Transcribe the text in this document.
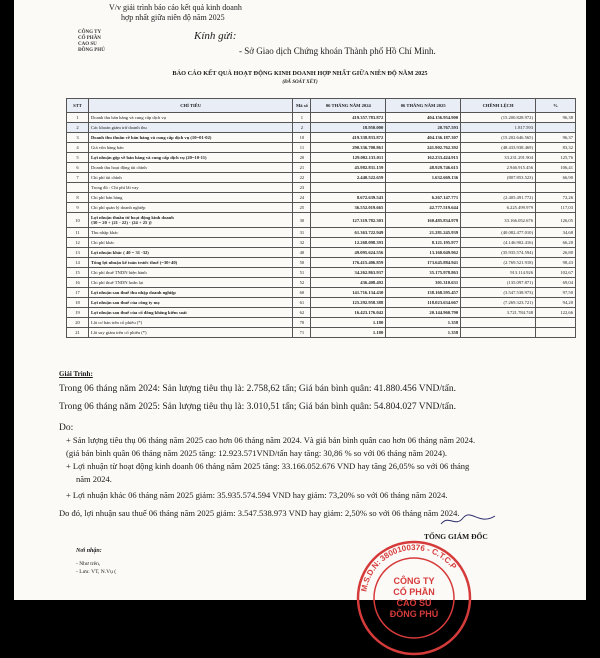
V/v giải trình báo cáo kết quả kinh doanh
hợp nhất giữa niên độ năm 2025
CÔNG TY
CỔ PHẦN
CAO SU
ĐỒNG PHÚ
Kính gửi:
- Sở Giao dịch Chứng khoán Thành phố Hồ Chí Minh.
BÁO CÁO KẾT QUẢ HOẠT ĐỘNG KINH DOANH HỢP NHẤT GIỮA NIÊN ĐỘ NĂM 2025
(ĐÃ SOÁT XÉT)
STT	CHỈ TIÊU	Mã số	06 THÁNG NĂM 2024	06 THÁNG NĂM 2025	CHÊNH LỆCH	%
1	Doanh thu bán hàng và cung cấp dịch vụ	1	419.357.783.872	404.156.954.900	(15.200.828.972)	96,38
2	Các khoản giảm trừ doanh thu	2	18.950.000	20.767.593	1.817.593	
3	Doanh thu thuần về bán hàng và cung cấp dịch vụ (10=01-02)	10	419.338.833.872	404.136.187.307	(15.202.646.565)	96,37
4	Giá vốn hàng bán	11	290.336.700.861	241.902.762.392	(48.433.938.469)	83,32
5	Lợi nhuận gộp về bán hàng và cung cấp dịch vụ (20=10-11)	20	129.002.133.011	162.233.424.915	33.231.291.904	125,76
6	Doanh thu hoạt động tài chính	21	45.982.831.159	48.929.746.615	2.946.915.456	106,41
7	Chi phí tài chính	22	2.440.522.659	1.632.669.136	(807.853.523)	66,90
	Trong đó : Chi phí lãi vay	23				
8	Chi phí bán hàng	24	8.672.639.543	6.267.147.771	(2.405.491.772)	72,26
9	Chi phí quản lý doanh nghiệp	25	36.552.019.665	42.777.519.644	6.225.499.979	117,03
10	Lợi nhuận thuần từ hoạt động kinh doanh
{30 = 20 + (21 - 22) - (24 + 25 )}	30	127.319.782.303	160.485.834.979	33.166.052.676	126,05
11	Thu nhập khác	31	61.363.722.949	21.281.245.939	(40.082.477.010)	34,68
12	Chi phí khác	32	12.268.098.393	8.121.195.977	(4.146.902.416)	66,20
13	Lợi nhuận khác ( 40 = 31 -32)	40	49.095.624.556	13.160.049.962	(35.935.574.594)	26,80
14	Tổng lợi nhuận kế toán trước thuế (=30+40)	50	176.415.406.859	173.645.884.941	(2.769.521.918)	98,43
15	Chi phí thuế TNDN hiện hành	51	34.262.863.937	35.175.978.863	913.114.926	102,67
16	Chi phí thuế TNDN hoãn lại	52	436.408.492	301.310.631	(135.097.871)	69,04
17	Lợi nhuận sau thuế thu nhập doanh nghiệp	60	141.716.134.430	138.168.595.457	(3.547.538.973)	97,50
18	Lợi nhuận sau thuế của công ty mẹ	61	125.292.958.388	118.023.634.667	(7.269.323.721)	94,20
19	Lợi nhuận sau thuế của cổ đông không kiểm soát	62	16.423.176.042	20.144.960.790	3.721.784.748	122,66
20	Lãi cơ bản trên cổ phiếu (*)	70	1.180	1.358		
21	Lãi suy giảm trên cổ phiếu (*)	71	1.180	1.358		
Giải Trình:
Trong 06 tháng năm 2024: Sản lượng tiêu thụ là: 2.758,62 tấn; Giá bán bình quân: 41.880.456 VND/tấn.
Trong 06 tháng năm 2025: Sản lượng tiêu thụ là: 3.010,51 tấn; Giá bán bình quân: 54.804.027 VND/tấn.
Do:
+ Sản lượng tiêu thụ 06 tháng năm 2025 cao hơn 06 tháng năm 2024. Và giá bán bình quân cao hơn 06 tháng năm 2024.
(giá bán bình quân 06 tháng năm 2025 tăng: 12.923.571VND/tấn hay tăng: 30,86 % so với 06 tháng năm 2024).
+ Lợi nhuận từ hoạt động kinh doanh 06 tháng năm 2025 tăng: 33.166.052.676 VND hay tăng 26,05% so với 06 tháng
năm 2024.
+ Lợi nhuận khác 06 tháng năm 2025 giảm: 35.935.574.594 VND hay giảm: 73,20% so với 06 tháng năm 2024.
Do đó, lợi nhuận sau thuế 06 tháng năm 2025 giảm: 3.547.538.973 VND hay giảm: 2,50% so với 06 tháng năm 2024.
Nơi nhận:
- Như trên,
- Lưu: VT, N.Vụ (
TỔNG GIÁM ĐỐC
M.S.D.N: 3800100376 - C.T.C.P
CÔNG TY
CỔ PHẦN
CAO SU
ĐỒNG PHÚ
